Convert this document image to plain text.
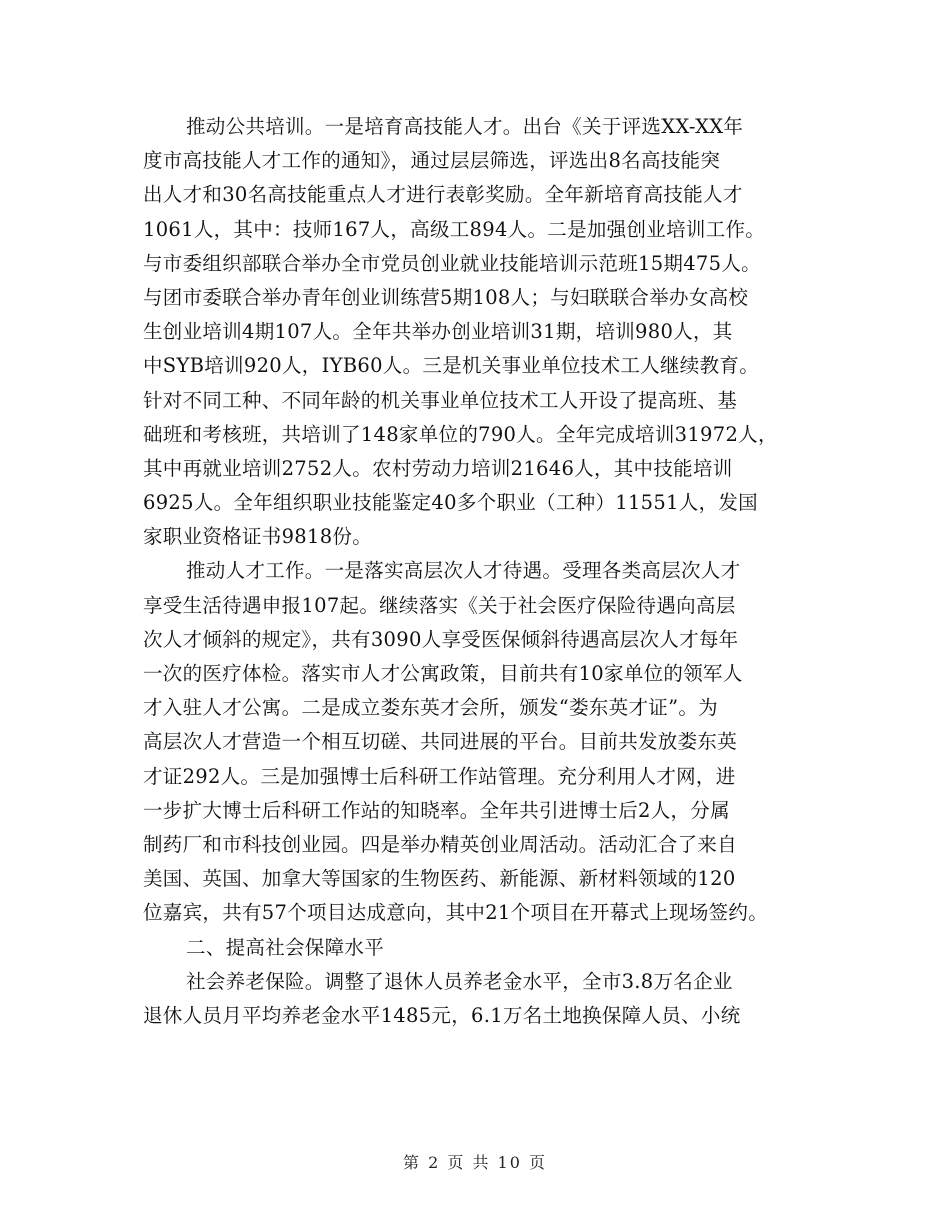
推动公共培训。一是培育高技能人才。出台《关于评选XX-XX年
度市高技能人才工作的通知》，通过层层筛选，评选出8名高技能突
出人才和30名高技能重点人才进行表彰奖励。全年新培育高技能人才
1061人，其中：技师167人，高级工894人。二是加强创业培训工作。
与市委组织部联合举办全市党员创业就业技能培训示范班15期475人。
与团市委联合举办青年创业训练营5期108人；与妇联联合举办女高校
生创业培训4期107人。全年共举办创业培训31期，培训980人，其
中SYB培训920人，IYB60人。三是机关事业单位技术工人继续教育。
针对不同工种、不同年龄的机关事业单位技术工人开设了提高班、基
础班和考核班，共培训了148家单位的790人。全年完成培训31972人，
其中再就业培训2752人。农村劳动力培训21646人，其中技能培训
6925人。全年组织职业技能鉴定40多个职业（工种）11551人，发国
家职业资格证书9818份。
推动人才工作。一是落实高层次人才待遇。受理各类高层次人才
享受生活待遇申报107起。继续落实《关于社会医疗保险待遇向高层
次人才倾斜的规定》，共有3090人享受医保倾斜待遇高层次人才每年
一次的医疗体检。落实市人才公寓政策，目前共有10家单位的领军人
才入驻人才公寓。二是成立娄东英才会所，颁发“娄东英才证”。为
高层次人才营造一个相互切磋、共同进展的平台。目前共发放娄东英
才证292人。三是加强博士后科研工作站管理。充分利用人才网，进
一步扩大博士后科研工作站的知晓率。全年共引进博士后2人，分属
制药厂和市科技创业园。四是举办精英创业周活动。活动汇合了来自
美国、英国、加拿大等国家的生物医药、新能源、新材料领域的120
位嘉宾，共有57个项目达成意向，其中21个项目在开幕式上现场签约。
二、提高社会保障水平
社会养老保险。调整了退休人员养老金水平，全市3.8万名企业
退休人员月平均养老金水平1485元，6.1万名土地换保障人员、小统
第 2 页 共 10 页
